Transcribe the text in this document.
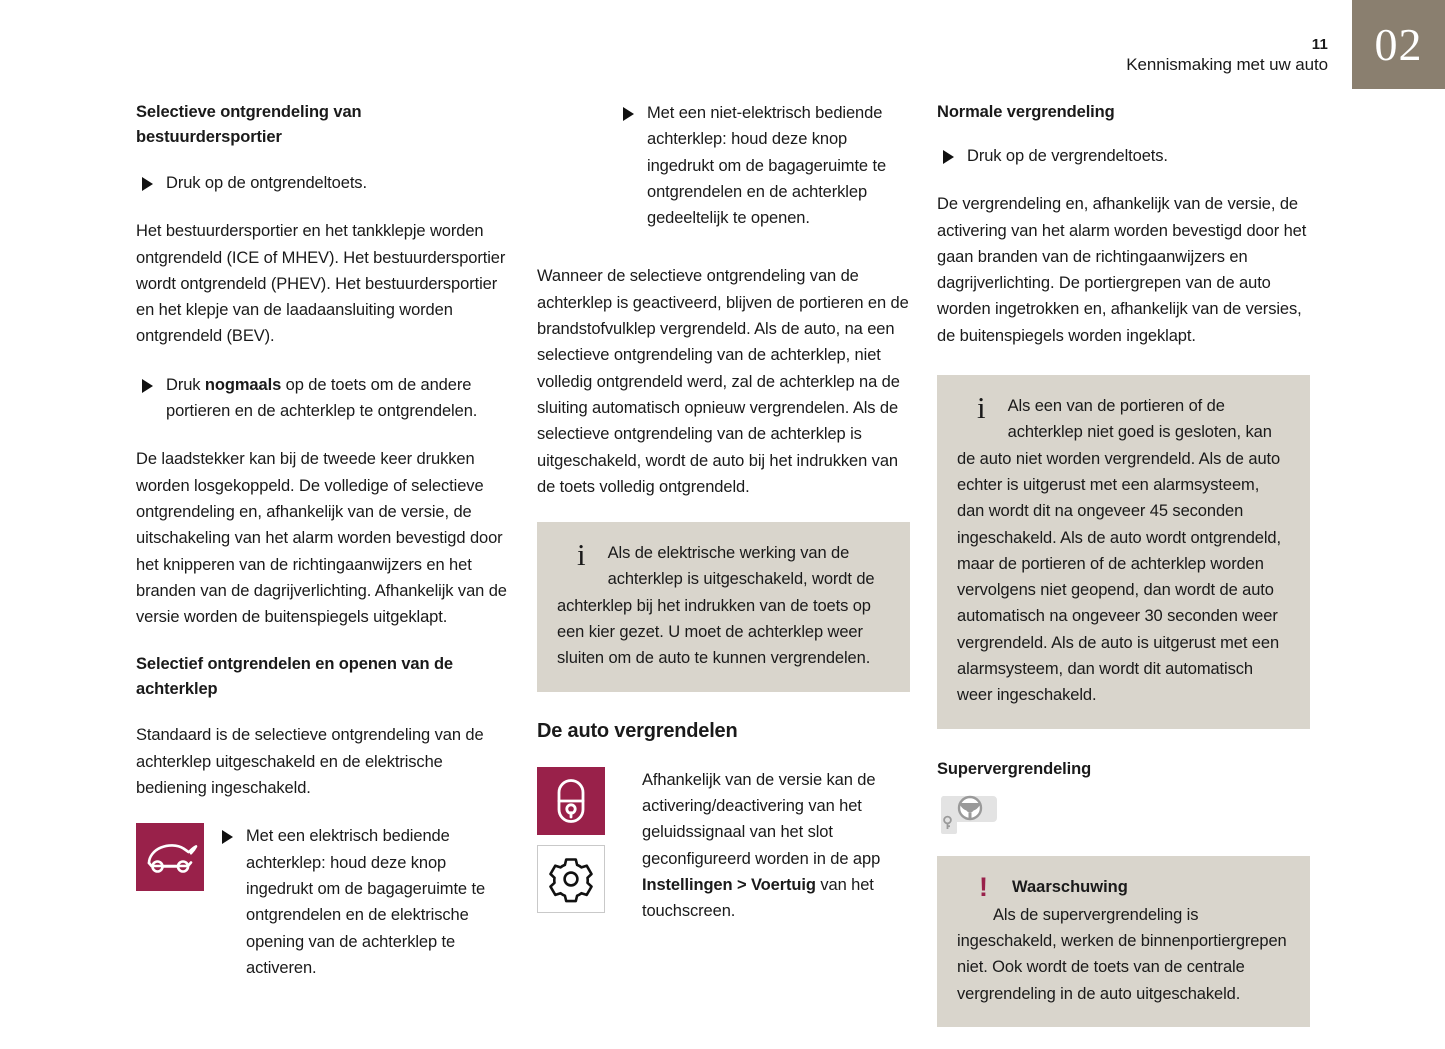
11
Kennismaking met uw auto	02
Selectieve ontgrendeling van bestuurdersportier
Druk op de ontgrendeltoets.

Het bestuurdersportier en het tankklepje worden ontgrendeld (ICE of MHEV). Het bestuurdersportier wordt ontgrendeld (PHEV). Het bestuurdersportier en het klepje van de laadaansluiting worden ontgrendeld (BEV).

Druk nogmaals op de toets om de andere portieren en de achterklep te ontgrendelen.

De laadstekker kan bij de tweede keer drukken worden losgekoppeld. De volledige of selectieve ontgrendeling en, afhankelijk van de versie, de uitschakeling van het alarm worden bevestigd door het knipperen van de richtingaanwijzers en het branden van de dagrijverlichting. Afhankelijk van de versie worden de buitenspiegels uitgeklapt.

Selectief ontgrendelen en openen van de achterklep

Standaard is de selectieve ontgrendeling van de achterklep uitgeschakeld en de elektrische bediening ingeschakeld.

Met een elektrisch bediende achterklep: houd deze knop ingedrukt om de bagageruimte te ontgrendelen en de elektrische opening van de achterklep te activeren.
Met een niet-elektrisch bediende achterklep: houd deze knop ingedrukt om de bagageruimte te ontgrendelen en de achterklep gedeeltelijk te openen.

Wanneer de selectieve ontgrendeling van de achterklep is geactiveerd, blijven de portieren en de brandstofvulklep vergrendeld. Als de auto, na een selectieve ontgrendeling van de achterklep, niet volledig ontgrendeld werd, zal de achterklep na de sluiting automatisch opnieuw vergrendelen. Als de selectieve ontgrendeling van de achterklep is uitgeschakeld, wordt de auto bij het indrukken van de toets volledig ontgrendeld.

i	Als de elektrische werking van de achterklep is uitgeschakeld, wordt de achterklep bij het indrukken van de toets op een kier gezet. U moet de achterklep weer sluiten om de auto te kunnen vergrendelen.

De auto vergrendelen

Afhankelijk van de versie kan de activering/deactivering van het geluidssignaal van het slot geconfigureerd worden in de app Instellingen > Voertuig van het touchscreen.

Normale vergrendeling
Druk op de vergrendeltoets.

De vergrendeling en, afhankelijk van de versie, de activering van het alarm worden bevestigd door het gaan branden van de richtingaanwijzers en dagrijverlichting. De portiergrepen van de auto worden ingetrokken en, afhankelijk van de versies, de buitenspiegels worden ingeklapt.

i	Als een van de portieren of de achterklep niet goed is gesloten, kan de auto niet worden vergrendeld. Als de auto echter is uitgerust met een alarmsysteem, dan wordt dit na ongeveer 45 seconden ingeschakeld. Als de auto wordt ontgrendeld, maar de portieren of de achterklep worden vervolgens niet geopend, dan wordt de auto automatisch na ongeveer 30 seconden weer vergrendeld. Als de auto is uitgerust met een alarmsysteem, dan wordt dit automatisch weer ingeschakeld.

Supervergrendeling
!	Waarschuwing

Als de supervergrendeling is ingeschakeld, werken de binnenportiergrepen niet. Ook wordt de toets van de centrale vergrendeling in de auto uitgeschakeld.
